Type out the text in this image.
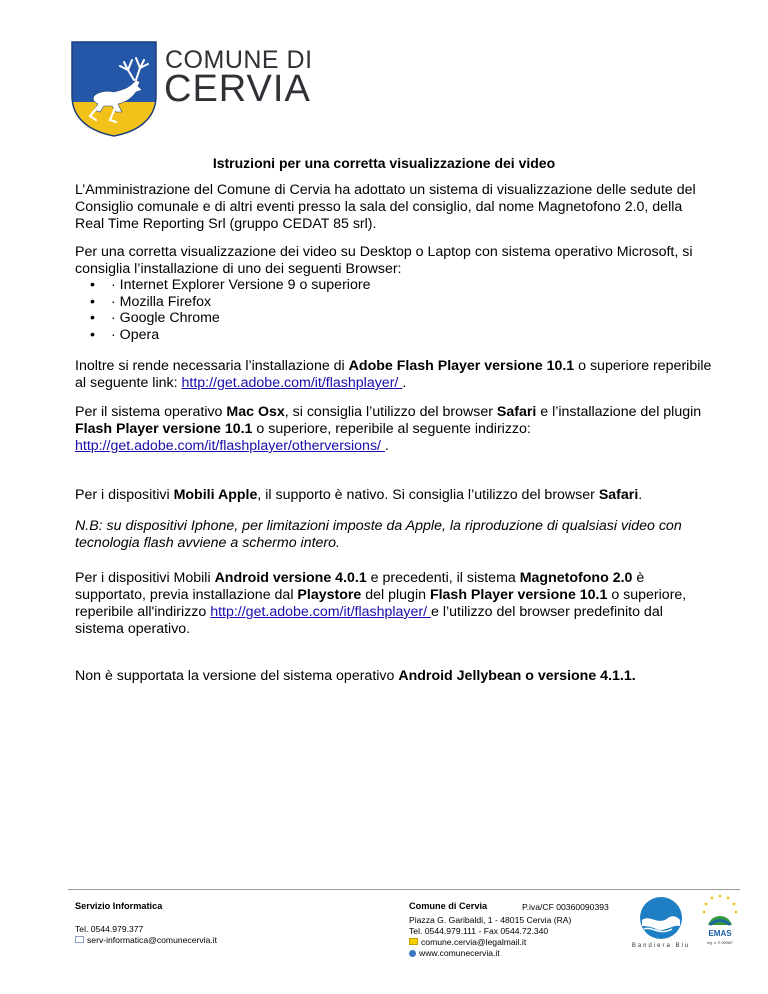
COMUNE DI
CERVIA
Istruzioni per una corretta visualizzazione dei video
L’Amministrazione del Comune di Cervia ha adottato un sistema di visualizzazione delle sedute del Consiglio comunale e di altri eventi presso la sala del consiglio, dal nome Magnetofono 2.0, della Real Time Reporting Srl (gruppo CEDAT 85 srl).
Per una corretta visualizzazione dei video su Desktop o Laptop con sistema operativo Microsoft, si consiglia l’installazione di uno dei seguenti Browser:
•	· Internet Explorer Versione 9 o superiore
•	· Mozilla Firefox
•	· Google Chrome
•	· Opera
Inoltre si rende necessaria l’installazione di Adobe Flash Player versione 10.1 o superiore reperibile al seguente link: http://get.adobe.com/it/flashplayer/ .
Per il sistema operativo Mac Osx, si consiglia l’utilizzo del browser Safari e l’installazione del plugin Flash Player versione 10.1 o superiore, reperibile al seguente indirizzo: http://get.adobe.com/it/flashplayer/otherversions/ .
Per i dispositivi Mobili Apple, il supporto è nativo. Si consiglia l’utilizzo del browser Safari.
N.B: su dispositivi Iphone, per limitazioni imposte da Apple, la riproduzione di qualsiasi video con tecnologia flash avviene a schermo intero.
Per i dispositivi Mobili Android versione 4.0.1 e precedenti, il sistema Magnetofono 2.0 è supportato, previa installazione dal Playstore del plugin Flash Player versione 10.1 o superiore, reperibile all'indirizzo http://get.adobe.com/it/flashplayer/ e l’utilizzo del browser predefinito dal sistema operativo.
Non è supportata la versione del sistema operativo Android Jellybean o versione 4.1.1.
Servizio Informatica
Tel. 0544.979.377
serv-informatica@comunecervia.it
Comune di Cervia	P.iva/CF 00360090393
Piazza G. Garibaldi, 1 - 48015 Cervia (RA)
Tel. 0544.979.111 - Fax 0544.72.340
comune.cervia@legalmail.it
www.comunecervia.it
Bandiera Blu
EMAS
reg. n. IT-000967
